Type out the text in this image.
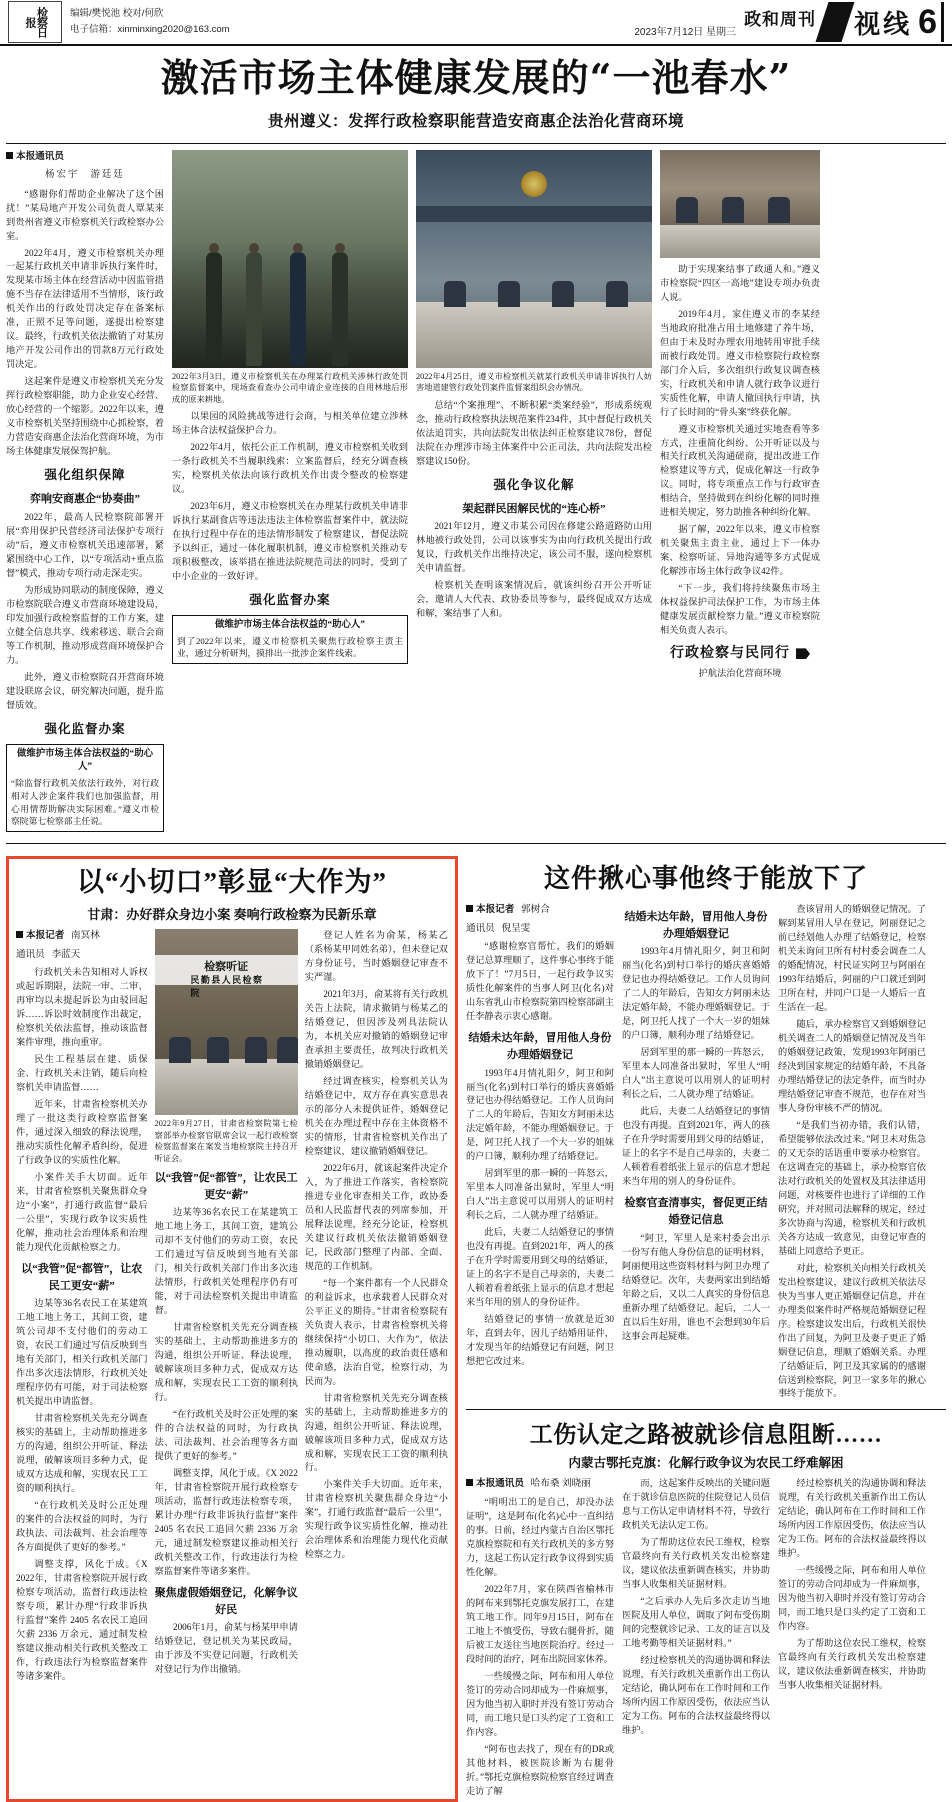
检察日报
编辑/樊悦池 校对/何欣
电子信箱：xinminxing2020@163.com	2023年7月12日 星期三
政和周刊 视线 6
激活市场主体健康发展的“一池春水”
贵州遵义：发挥行政检察职能营造安商惠企法治化营商环境
本报通讯员
杨宏宇　游廷廷

“感谢你们帮助企业解决了这个困扰！”某局地产开发公司负责人覃某来到贵州省遵义市检察机关行政检察办公室。

2022年4月，遵义市检察机关办理一起某行政机关申请非诉执行案件时，发现某市场主体在经营活动中因监管措施不当存在法律适用不当情形，该行政机关作出的行政处罚决定存在备案标准，正照不足等问题，遂提出检察建议。最终，行政机关依法撤销了对某房地产开发公司作出的罚款8万元行政处罚决定。

这起案件是遵义市检察机关充分发挥行政检察职能，助力企业安心经营、放心经营的一个缩影。2022年以来，遵义市检察机关坚持围绕中心抓检察，着力营造安商惠企法治化营商环境，为市场主体健康发展保驾护航。

强化组织保障
弈响安商惠企“协奏曲”

2022年，最高人民检察院部署开展“弈用保护民营经济司法保护专项行动”后，遵义市检察机关迅速部署，紧紧围绕中心工作，以“专项活动+重点监督”模式，推动专项行动走深走实。

为形成协同联动的制度保障，遵义市检察院联合遵义市营商环境建设局，印发加强行政检察监督的工作方案，建立健全信息共享、线索移送、联合会商等工作机制，推动形成营商环境保护合力。

此外，遵义市检察院召开营商环境建设联席会议，研究解决问题，提升监督质效。

强化监督办案
做维护市场主体合法权益的“助心人”
“除监督行政机关依法行政外，对行政相对人涉企案件我们也加强监督，用心用情帮助解决实际困难。”遵义市检察院第七检察部主任说。
2022年3月3日，遵义市检察机关在办理某行政机关涉林行政处罚检察监督案中，现场查看查办公司申请企业连接的自用林地后形成的原来耕地。

以果园的风险挑战等进行会商，与相关单位建立涉林场主体合法权益保护合力。

2022年4月，依托公正工作机制，遵义市检察机关收到一条行政机关不当履职线索：立案监督后，经充分调查核实，检察机关依法向该行政机关作出责令整改的检察建议。

2023年6月，遵义市检察机关在办理某行政机关申请非诉执行某副食店等违法违法主体检察监督案件中，就法院在执行过程中存在的违法情形制发了检察建议，督促法院予以纠正，通过一体化履职机制，遵义市检察机关推动专项积极整改，该举措在推进法院规范司法的同时，受到了中小企业的一致好评。

强化监督办案
做维护市场主体合法权益的“助心人”
到了2022年以来，遵义市检察机关聚焦行政检察主责主业，通过分析研判，摸排出一批涉企案件线索。
2022年4月25日，遵义市检察机关就某行政机关申请非诉执行人妨害地道建管行政处罚案件监督案组织会办情况。

总结“个案推理”、不断积累“类案经验”，形成系统观念，推动行政检察执法规范案件234件，其中督促行政机关依法追罚实，共向法院发出依法纠正检察建议78份，督促法院在办理涉市场主体案件中公正司法，共向法院发出检察建议150份。

强化争议化解
架起群民困解民忧的“连心桥”

2021年12月，遵义市某公司因在修建公路道路防山用林地被行政处罚，公司以该事实为由向行政机关提出行政复议，行政机关作出维持决定，该公司不服，遂向检察机关申请监督。

检察机关查明该案情况后，就该纠纷召开公开听证会，邀请人大代表、政协委员等参与，最终促成双方达成和解，案结事了人和。

助于实现案结事了政通人和。”遵义市检察院“四区一高地”建设专项办负责人说。

2019年4月，家住遵义市的李某经当地政府批准占用土地修建了养牛场，但由于未及时办理农用地转用审批手续而被行政处罚。遵义市检察院行政检察部门介入后，多次组织行政复议调查核实，行政机关和申请人就行政争议进行实质性化解，申请人撤回执行申请，执行了长时间的“骨头案”终获化解。

遵义市检察机关通过实地查看等多方式，注重简化纠纷、公开听证以及与相关行政机关沟通磋商，提出改进工作检察建议等方式，促成化解这一行政争议。同时，将专项重点工作与行政审查相结合，坚持做到在纠纷化解的同时推进相关规定，努力助推各种纠纷化解。

据了解，2022年以来，遵义市检察机关聚焦主责主业，通过上下一体办案、检察听证、异地沟通等多方式促成化解涉市场主体行政争议42件。

“下一步，我们将持续聚焦市场主体权益保护司法保护工作，为市场主体健康发展贡献检察力量。”遵义市检察院相关负责人表示。

行政检察与民同行
护航法治化营商环境
以“小切口”彰显“大作为”
甘肃：办好群众身边小案 奏响行政检察为民新乐章
本报记者 南冥林
通讯员 李蓝天

行政机关未告知相对人诉权或起诉期限，法院一审、二审、再审均以未提起诉讼为由驳回起诉……诉讼时效制度作出裁定，检察机关依法监督，推动该监督案件审理，推向重审。

民生工程基层在建、质保金、行政机关未注销，随后向检察机关申请监督……

近年来，甘肃省检察机关办理了一批这类行政检察监督案件，通过深入细致的释法说理，推动实质性化解矛盾纠纷，促进了行政争议的实质性化解。

小案件关手大切面。近年来，甘肃省检察机关聚焦群众身边“小案”，打通行政监督“最后一公里”，实现行政争议实质性化解，推动社会治理体系和治理能力现代化贡献检察之力。

以“我管”促“都管”，让农民工更安“薪”

边某等36名农民工在某建筑工地工地上务工，其间工资，建筑公司却不支付他们的劳动工资，农民工们通过写信反映到当地有关部门，相关行政机关部门作出多次违法情形，行政机关处理程序仍有可能，对于司法检察机关提出申请监督。

甘肃省检察机关先充分调查核实的基础上，主动帮助推进多方的沟通，组织公开听证、释法说理，破解该项目多种力式，促成双方达成和解，实现农民工工资的顺利执行。

“在行政机关及时公正处理的案件的合法权益的同时，为行政执法、司法裁判、社会治理等各方面提供了更好的参考。”

调整支撑，风化于成。《X 2022年，甘肃省检察院开展行政检察专项活动，监督行政违法检察专项，累计办理“行政非诉执行监督”案件 2405 名农民工追回欠薪 2336 万余元，通过制发检察建议推动相关行政机关整改工作，行政违法行为检察监督案件等诸多案件。

检察听证
民勤县人民检察院
2022年9月27日，甘肃省检察院第七检察部举办检察官联席会议一起行政检察检察监督案在案发当地检察院主持召开听证会。
以“我管”促“都管”，让农民工更安“薪”

边某等36名农民工在某建筑工地工地上务工，其间工资，建筑公司却不支付他们的劳动工资，农民工们通过写信反映到当地有关部门，相关行政机关部门作出多次违法情形，行政机关处理程序仍有可能，对于司法检察机关提出申请监督。

甘肃省检察机关先充分调查核实的基础上，主动帮助推进多方的沟通，组织公开听证、释法说理，破解该项目多种力式，促成双方达成和解，实现农民工工资的顺利执行。

“在行政机关及时公正处理的案件的合法权益的同时，为行政执法、司法裁判、社会治理等各方面提供了更好的参考。”

调整支撑，风化于成。《X 2022年，甘肃省检察院开展行政检察专项活动，监督行政违法检察专项，累计办理“行政非诉执行监督”案件 2405 名农民工追回欠薪 2336 万余元，通过制发检察建议推动相关行政机关整改工作，行政违法行为检察监督案件等诸多案件。

聚焦虚假婚姻登记，化解争议好民

2006年1月，俞某与杨某甲申请结婚登记，登记机关为某民政局，由于涉及不实登记问题，行政机关对登记行为作出撤销。

登记人姓名为俞某，杨某乙（系杨某甲同姓名弟），但未登记双方身份证号，当时婚姻登记审查不实严谨。

2021年3月，俞某将有关行政机关告上法院，请求撤销与杨某乙的结婚登记，但因涉及列具法院认为，本机关应对撤销的婚姻登记审查承担主要责任，故判决行政机关撤销婚姻登记。

经过调查核实，检察机关认为结婚登记中，双方存在真实意思表示的部分人未提供证件，婚姻登记机关在办理过程中存在主体资格不实的情形，甘肃省检察机关作出了检察建议，建议撤销婚姻登记。

2022年6月，就该起案件决定介入，为了推进工作落实，省检察院推进专业化审查相关工作，政协委员和人民监督代表的列席参加，开展释法说理，经充分论证，检察机关建议行政机关依法撤销婚姻登记，民政部门整理了内部、全面、规范的工作机制。

“每一个案件都有一个人民群众的利益诉求，也承载着人民群众对公平正义的期待。”甘肃省检察院有关负责人表示，甘肃省检察机关将继续保持“小切口、大作为”，依法推动履职，以高度的政治责任感和使命感，法治自觉，检察行动，为民而为。

甘肃省检察机关先充分调查核实的基础上，主动帮助推进多方的沟通，组织公开听证、释法说理，破解该项目多种力式，促成双方达成和解，实现农民工工资的顺利执行。

小案件关手大切面。近年来，甘肃省检察机关聚焦群众身边“小案”，打通行政监督“最后一公里”，实现行政争议实质性化解，推动社会治理体系和治理能力现代化贡献检察之力。

这件揪心事他终于能放下了
本报记者 郭树合
通讯员 倪呈雯

“感谢检察官帮忙，我们的婚姻登记总算理顺了，这件事心事终于能放下了！”7月5日，一起行政争议实质性化解案件的当事人阿卫(化名)对山东省乳山市检察院第四检察部副主任李静表示衷心感谢。

结婚未达年龄，冒用他人身份办理婚姻登记

1993年4月情礼阳夕，阿卫和阿丽当(化名)到村口举行的婚庆喜婚婚登记也办得结婚登记。工作人员询问了二人的年龄后，告知女方阿丽未达法定婚年龄，不能办理婚姻登记。于是，阿卫托人找了一个大一岁的姐妹的户口簿，顺利办理了结婚登记。

居到军里的那一瞬的一阵怒云，军里本人同准备出狱时，军里人“明白人”出主意说可以用别人的证明村利长之后，二人就办理了结婚证。

此后，夫妻二人结婚登记的事情也没有再提。直到2021年，两人的孩子在升学时需要用到父母的结婚证，证上的名字不是自己母亲的，夫妻二人顿着看着纸张上显示的信息才想起来当年用的别人的身份证件。

结婚登记的事情一放就是近30年，直到去年，因儿子结婚用证件，才发现当年的结婚登记有问题，阿卫想把它改过来。

结婚未达年龄，冒用他人身份办理婚姻登记

1993年4月情礼阳夕，阿卫和阿丽当(化名)到村口举行的婚庆喜婚婚登记也办得结婚登记。工作人员询问了二人的年龄后，告知女方阿丽未达法定婚年龄，不能办理婚姻登记。于是，阿卫托人找了一个大一岁的姐妹的户口簿，顺利办理了结婚登记。

居到军里的那一瞬的一阵怒云，军里本人同准备出狱时，军里人“明白人”出主意说可以用别人的证明村利长之后，二人就办理了结婚证。

此后，夫妻二人结婚登记的事情也没有再提。直到2021年，两人的孩子在升学时需要用到父母的结婚证，证上的名字不是自己母亲的，夫妻二人顿着看着纸张上显示的信息才想起来当年用的别人的身份证件。

检察官查清事实，督促更正结婚登记信息

“阿卫，军里人是来村委会出示一份写有他人身份信息的证明材料，阿丽便用这些资料材料与阿卫办理了结婚登记。次年，夫妻两家出到结婚年龄之后，又以二人真实的身份信息重新办理了结婚登记。起后，二人一直以后生好用，谁也不会想到30年后这事会再起疑难。

查该冒用人的婚姻登记情况。了解到某冒用人早在登记，阿丽登记之前已经划他人办理了结婚登记，检察机关未询问卫所有村村委会调查二人的婚配情况，村民证实阿卫与阿丽在1993年结婚后，阿丽的户口就迁到阿卫所在村，并同户口是一人婚后一直生活在一起。

随后，承办检察官又到婚姻登记机关调查二人的婚姻登记情况及当年的婚姻登记政策，发现1993年阿丽已经决到国家规定的结婚年龄，不具备办理结婚登记的法定条件，而当时办理结婚登记审查不规范，也存在对当事人身份审核不严的情况。

“是我们当初办错，我们认错，希望能够依法改过来。”阿卫未对焦急的又无奈的话语重申要承办检察官。在这调查完的基础上，承办检察官依法对行政机关的处置权及其法律适用问题，对核要件也进行了详细的工作研究，并对照司法解释的规定，经过多次协商与沟通，检察机关和行政机关各方达成一致意见，由登记审查的基础上同意给予更正。

对此，检察机关向相关行政机关发出检察建议，建议行政机关依法尽快为当事人更正婚姻登记信息，并在办理类似案件时严格规范婚姻登记程序。检察建议发出后，行政机关很快作出了回复，为阿卫及妻子更正了婚姻登记信息，理顺了婚姻关系。办理了结婚证后，阿卫及其家属的的感谢信送到检察院，阿卫一家多年的揪心事终于能放下。

工伤认定之路被就诊信息阻断……
内蒙古鄂托克旗：化解行政争议为农民工纾难解困
本报通讯员 哈布桑 刘晓丽

“明明出工的是自己，却没办法证明”，这是阿布(化名)心中一直纠结的事。日前，经过内蒙古自治区鄂托克旗检察院和有关行政机关的多方努力，这起工伤认定行政争议得到实质性化解。

2022年7月，家在陕西省榆林市的阿布来到鄂托克旗发展打工，在建筑工地工作。同年9月15日，阿布在工地上不慎受伤，导致右腿骨折，随后被工友送往当地医院治疗。经过一段时间的治疗，阿布出院回家休养。

一些缓慢之际，阿布和用人单位签订的劳动合同却成为一件麻烦事，因为他当初入职时并没有签订劳动合同，而工地只是口头约定了工资和工作内容。

“阿布也去找了，现在有的DR或其他材料，被医院诊断为右腿骨折。”鄂托克旗检察院检察官经过调查走访了解

而，这起案件反映出的关键问题在于就诊信息医院的住院登记人员信息与工伤认定申请材料不符，导致行政机关无法认定工伤。

为了帮助这位农民工维权，检察官最终向有关行政机关发出检察建议，建议依法重新调查核实，并协助当事人收集相关证据材料。

“之后承办人先后多次走访当地医院及用人单位，调取了阿布受伤期间的完整就诊记录、工友的证言以及工地考勤等相关证据材料。”

经过检察机关的沟通协调和释法说理，有关行政机关重新作出工伤认定结论，确认阿布在工作时间和工作场所内因工作原因受伤，依法应当认定为工伤。阿布的合法权益最终得以维护。

经过检察机关的沟通协调和释法说理，有关行政机关重新作出工伤认定结论，确认阿布在工作时间和工作场所内因工作原因受伤，依法应当认定为工伤。阿布的合法权益最终得以维护。

一些缓慢之际，阿布和用人单位签订的劳动合同却成为一件麻烦事，因为他当初入职时并没有签订劳动合同，而工地只是口头约定了工资和工作内容。

为了帮助这位农民工维权，检察官最终向有关行政机关发出检察建议，建议依法重新调查核实，并协助当事人收集相关证据材料。
